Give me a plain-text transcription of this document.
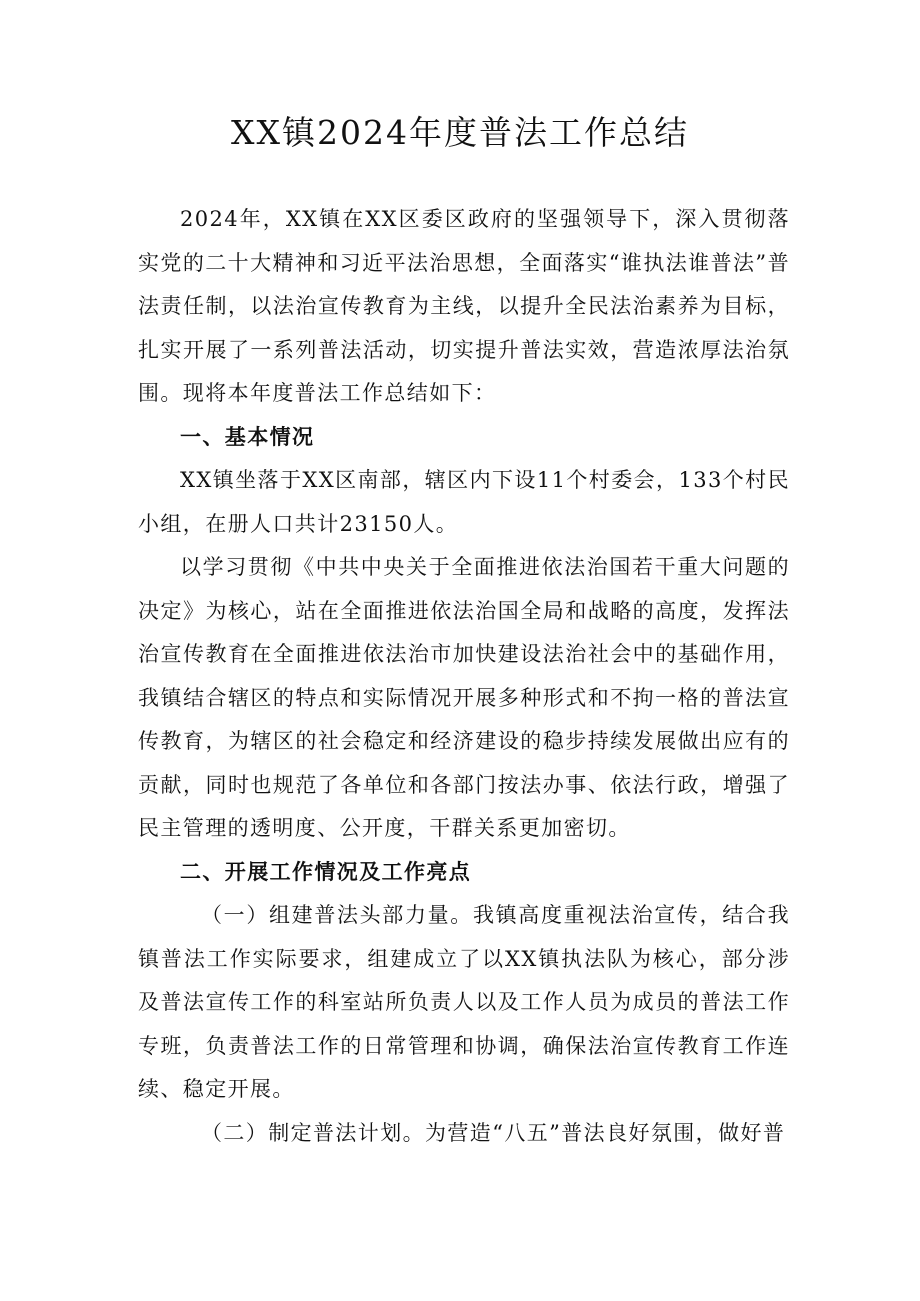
XX镇2024年度普法工作总结

2024年，XX镇在XX区委区政府的坚强领导下，深入贯彻落实党的二十大精神和习近平法治思想，全面落实“谁执法谁普法”普法责任制，以法治宣传教育为主线，以提升全民法治素养为目标，扎实开展了一系列普法活动，切实提升普法实效，营造浓厚法治氛围。现将本年度普法工作总结如下：

一、基本情况

XX镇坐落于XX区南部，辖区内下设11个村委会，133个村民小组，在册人口共计23150人。

以学习贯彻《中共中央关于全面推进依法治国若干重大问题的决定》为核心，站在全面推进依法治国全局和战略的高度，发挥法治宣传教育在全面推进依法治市加快建设法治社会中的基础作用，我镇结合辖区的特点和实际情况开展多种形式和不拘一格的普法宣传教育，为辖区的社会稳定和经济建设的稳步持续发展做出应有的贡献，同时也规范了各单位和各部门按法办事、依法行政，增强了民主管理的透明度、公开度，干群关系更加密切。

二、开展工作情况及工作亮点

（一）组建普法头部力量。我镇高度重视法治宣传，结合我镇普法工作实际要求，组建成立了以XX镇执法队为核心，部分涉及普法宣传工作的科室站所负责人以及工作人员为成员的普法工作专班，负责普法工作的日常管理和协调，确保法治宣传教育工作连续、稳定开展。

（二）制定普法计划。为营造“八五”普法良好氛围，做好普
